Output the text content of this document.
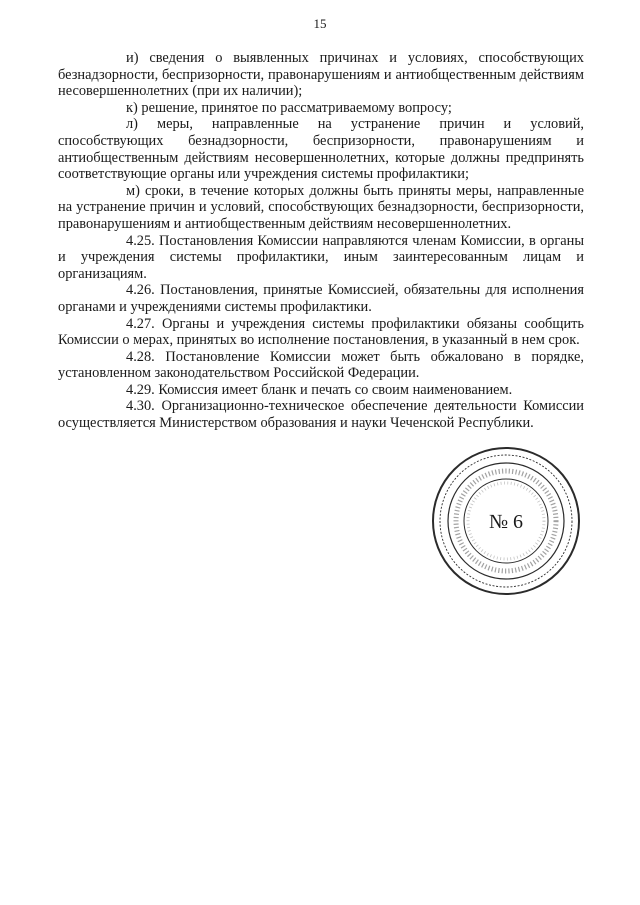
15

и) сведения о выявленных причинах и условиях, способствующих безнадзорности, беспризорности, правонарушениям и антиобщественным действиям несовершеннолетних (при их наличии);

к) решение, принятое по рассматриваемому вопросу;

л) меры, направленные на устранение причин и условий, способствующих безнадзорности, беспризорности, правонарушениям и антиобщественным действиям несовершеннолетних, которые должны предпринять соответствующие органы или учреждения системы профилактики;

м) сроки, в течение которых должны быть приняты меры, направленные на устранение причин и условий, способствующих безнадзорности, беспризорности, правонарушениям и антиобщественным действиям несовершеннолетних.

4.25. Постановления Комиссии направляются членам Комиссии, в органы и учреждения системы профилактики, иным заинтересованным лицам и организациям.

4.26. Постановления, принятые Комиссией, обязательны для исполнения органами и учреждениями системы профилактики.

4.27. Органы и учреждения системы профилактики обязаны сообщить Комиссии о мерах, принятых во исполнение постановления, в указанный в нем срок.

4.28. Постановление Комиссии может быть обжаловано в порядке, установленном законодательством Российской Федерации.

4.29. Комиссия имеет бланк и печать со своим наименованием.

4.30. Организационно-техническое обеспечение деятельности Комиссии осуществляется Министерством образования и науки Чеченской Республики.

№ 6
